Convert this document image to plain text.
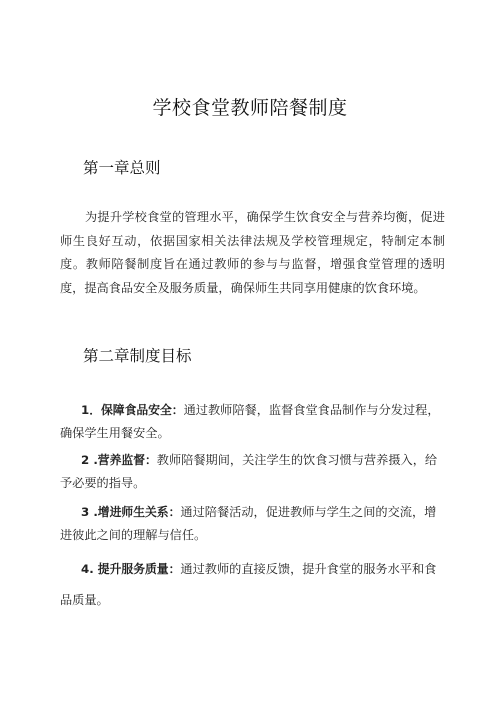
学校食堂教师陪餐制度
第一章总则

为提升学校食堂的管理水平，确保学生饮食安全与营养均衡，促进师生良好互动，依据国家相关法律法规及学校管理规定，特制定本制度。教师陪餐制度旨在通过教师的参与与监督，增强食堂管理的透明度，提高食品安全及服务质量，确保师生共同享用健康的饮食环境。

第二章制度目标

1．保障食品安全：通过教师陪餐，监督食堂食品制作与分发过程，确保学生用餐安全。

2 .营养监督：教师陪餐期间，关注学生的饮食习惯与营养摄入，给予必要的指导。

3 .增进师生关系：通过陪餐活动，促进教师与学生之间的交流，增进彼此之间的理解与信任。

4. 提升服务质量：通过教师的直接反馈，提升食堂的服务水平和食品质量。
